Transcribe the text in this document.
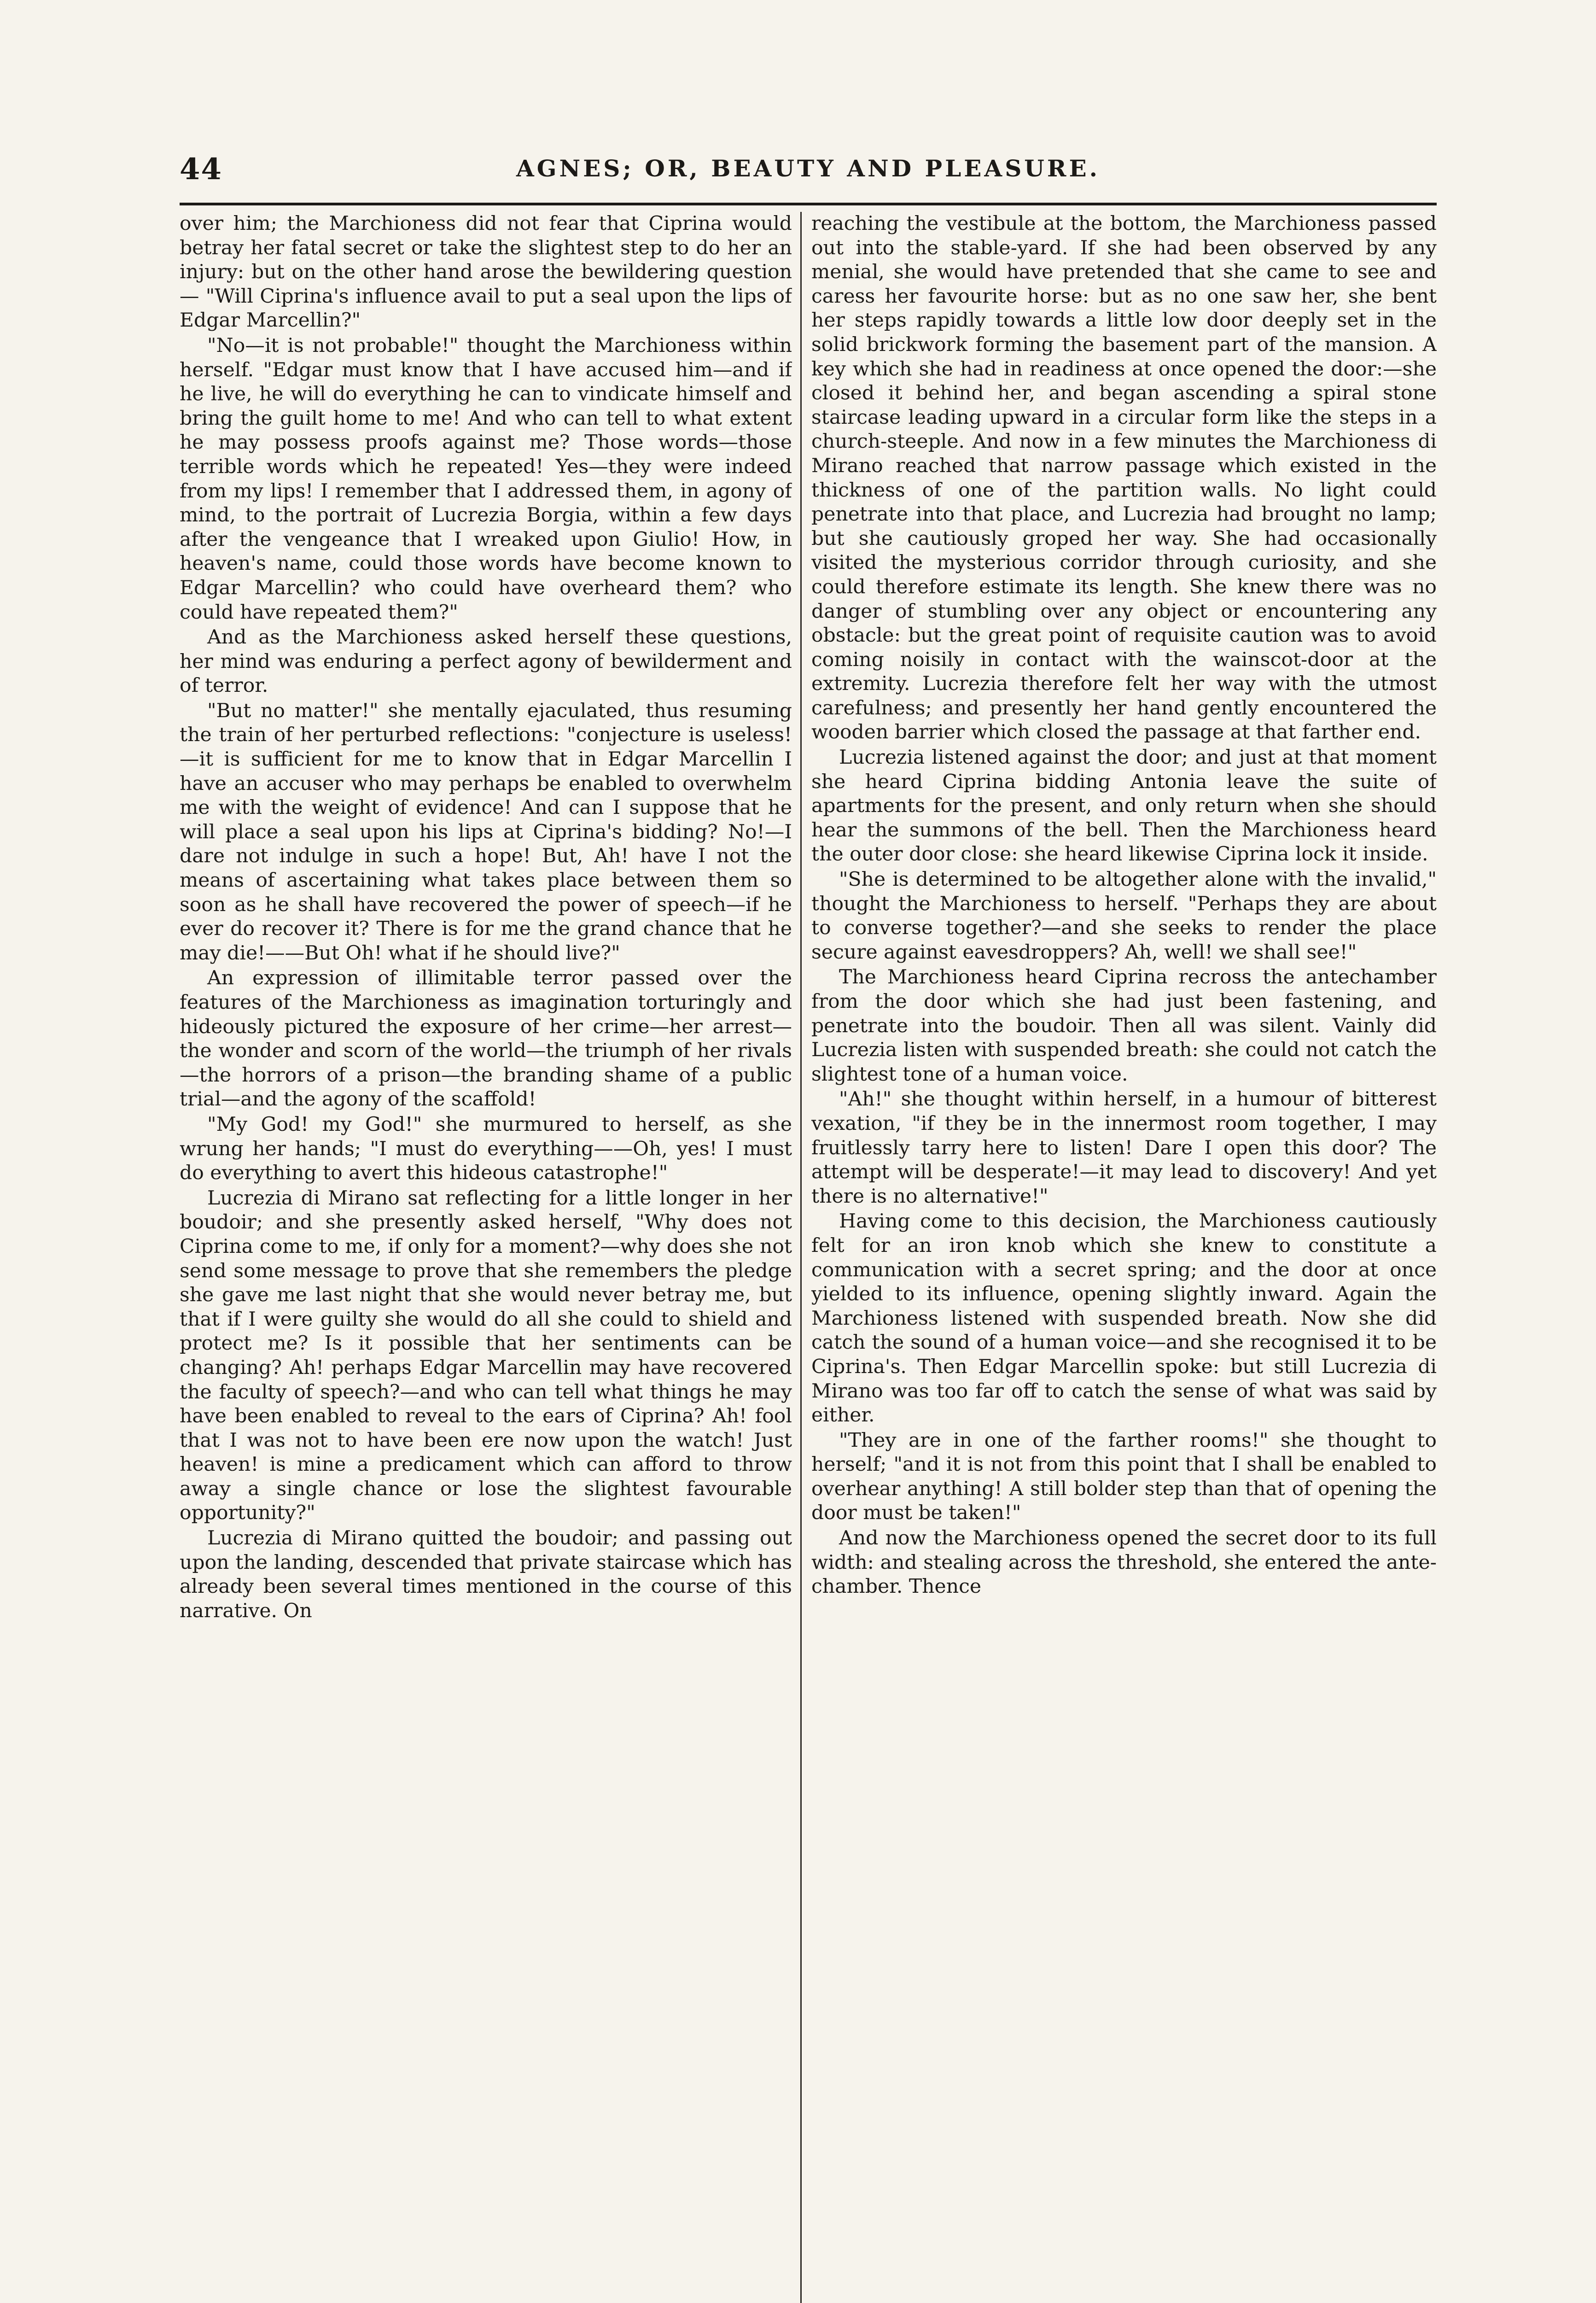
44	AGNES; OR, BEAUTY AND PLEASURE.

over him; the Marchioness did not fear that Ciprina would betray her fatal secret or take the slightest step to do her an injury: but on the other hand arose the bewildering question — "Will Ciprina's influence avail to put a seal upon the lips of Edgar Marcellin?"

"No—it is not probable!" thought the Marchioness within herself. "Edgar must know that I have accused him—and if he live, he will do everything he can to vindicate himself and bring the guilt home to me! And who can tell to what extent he may possess proofs against me? Those words—those terrible words which he repeated! Yes—they were indeed from my lips! I remember that I addressed them, in agony of mind, to the portrait of Lucrezia Borgia, within a few days after the vengeance that I wreaked upon Giulio! How, in heaven's name, could those words have become known to Edgar Marcellin? who could have overheard them? who could have repeated them?"

And as the Marchioness asked herself these questions, her mind was enduring a perfect agony of bewilderment and of terror.

"But no matter!" she mentally ejaculated, thus resuming the train of her perturbed reflections: "conjecture is useless!—it is sufficient for me to know that in Edgar Marcellin I have an accuser who may perhaps be enabled to overwhelm me with the weight of evidence! And can I suppose that he will place a seal upon his lips at Ciprina's bidding? No!—I dare not indulge in such a hope! But, Ah! have I not the means of ascertaining what takes place between them so soon as he shall have recovered the power of speech—if he ever do recover it? There is for me the grand chance that he may die!——But Oh! what if he should live?"

An expression of illimitable terror passed over the features of the Marchioness as imagination torturingly and hideously pictured the exposure of her crime—her arrest—the wonder and scorn of the world—the triumph of her rivals—the horrors of a prison—the branding shame of a public trial—and the agony of the scaffold!

"My God! my God!" she murmured to herself, as she wrung her hands; "I must do everything——Oh, yes! I must do everything to avert this hideous catastrophe!"

Lucrezia di Mirano sat reflecting for a little longer in her boudoir; and she presently asked herself, "Why does not Ciprina come to me, if only for a moment?—why does she not send some message to prove that she remembers the pledge she gave me last night that she would never betray me, but that if I were guilty she would do all she could to shield and protect me? Is it possible that her sentiments can be changing? Ah! perhaps Edgar Marcellin may have recovered the faculty of speech?—and who can tell what things he may have been enabled to reveal to the ears of Ciprina? Ah! fool that I was not to have been ere now upon the watch! Just heaven! is mine a predicament which can afford to throw away a single chance or lose the slightest favourable opportunity?"

Lucrezia di Mirano quitted the boudoir; and passing out upon the landing, descended that private staircase which has already been several times mentioned in the course of this narrative. On

reaching the vestibule at the bottom, the Marchioness passed out into the stable-yard. If she had been observed by any menial, she would have pretended that she came to see and caress her favourite horse: but as no one saw her, she bent her steps rapidly towards a little low door deeply set in the solid brickwork forming the basement part of the mansion. A key which she had in readiness at once opened the door:—she closed it behind her, and began ascending a spiral stone staircase leading upward in a circular form like the steps in a church-steeple. And now in a few minutes the Marchioness di Mirano reached that narrow passage which existed in the thickness of one of the partition walls. No light could penetrate into that place, and Lucrezia had brought no lamp; but she cautiously groped her way. She had occasionally visited the mysterious corridor through curiosity, and she could therefore estimate its length. She knew there was no danger of stumbling over any object or encountering any obstacle: but the great point of requisite caution was to avoid coming noisily in contact with the wainscot-door at the extremity. Lucrezia therefore felt her way with the utmost carefulness; and presently her hand gently encountered the wooden barrier which closed the passage at that farther end.

Lucrezia listened against the door; and just at that moment she heard Ciprina bidding Antonia leave the suite of apartments for the present, and only return when she should hear the summons of the bell. Then the Marchioness heard the outer door close: she heard likewise Ciprina lock it inside.

"She is determined to be altogether alone with the invalid," thought the Marchioness to herself. "Perhaps they are about to converse together?—and she seeks to render the place secure against eavesdroppers? Ah, well! we shall see!"

The Marchioness heard Ciprina recross the antechamber from the door which she had just been fastening, and penetrate into the boudoir. Then all was silent. Vainly did Lucrezia listen with suspended breath: she could not catch the slightest tone of a human voice.

"Ah!" she thought within herself, in a humour of bitterest vexation, "if they be in the innermost room together, I may fruitlessly tarry here to listen! Dare I open this door? The attempt will be desperate!—it may lead to discovery! And yet there is no alternative!"

Having come to this decision, the Marchioness cautiously felt for an iron knob which she knew to constitute a communication with a secret spring; and the door at once yielded to its influence, opening slightly inward. Again the Marchioness listened with suspended breath. Now she did catch the sound of a human voice—and she recognised it to be Ciprina's. Then Edgar Marcellin spoke: but still Lucrezia di Mirano was too far off to catch the sense of what was said by either.

"They are in one of the farther rooms!" she thought to herself; "and it is not from this point that I shall be enabled to overhear anything! A still bolder step than that of opening the door must be taken!"

And now the Marchioness opened the secret door to its full width: and stealing across the threshold, she entered the ante-chamber. Thence
